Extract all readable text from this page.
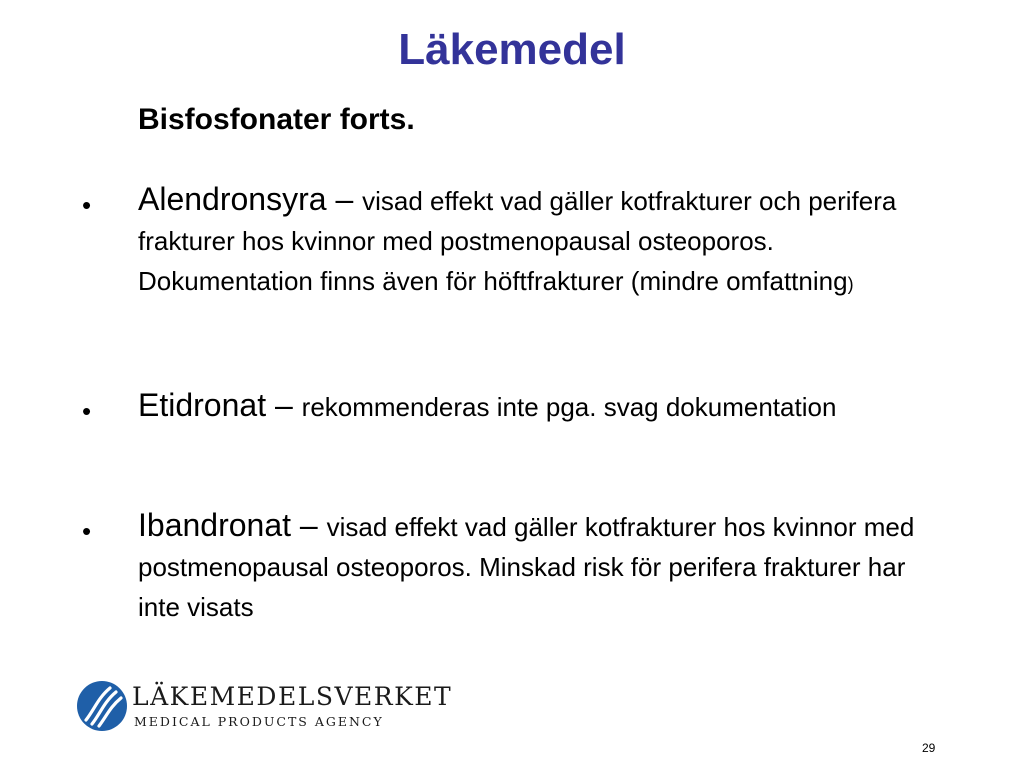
Läkemedel
Bisfosfonater forts.
• Alendronsyra – visad effekt vad gäller kotfrakturer och perifera frakturer hos kvinnor med postmenopausal osteoporos. Dokumentation finns även för höftfrakturer (mindre omfattning)
• Etidronat – rekommenderas inte pga. svag dokumentation
• Ibandronat – visad effekt vad gäller kotfrakturer hos kvinnor med postmenopausal osteoporos. Minskad risk för perifera frakturer har inte visats
LÄKEMEDELSVERKET
MEDICAL PRODUCTS AGENCY
29
